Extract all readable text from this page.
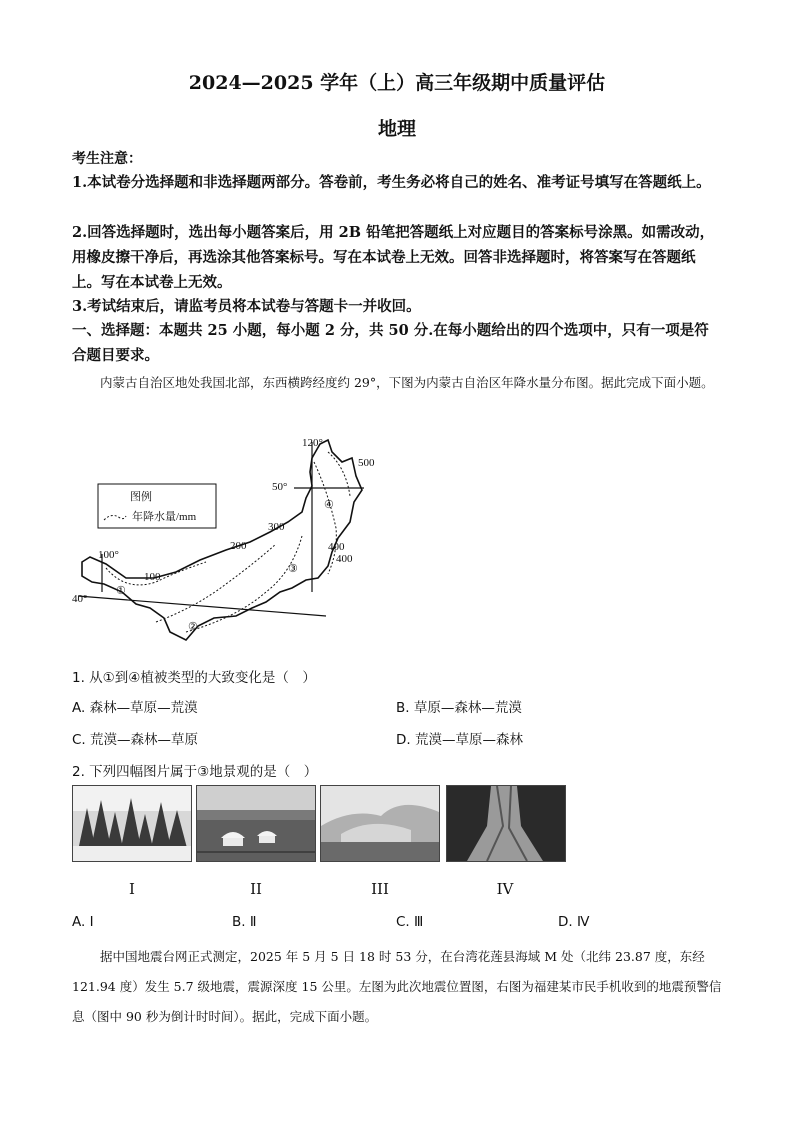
2024—2025 学年（上）高三年级期中质量评估
地理
考生注意：
1.本试卷分选择题和非选择题两部分。答卷前，考生务必将自己的姓名、准考证号填写在答题纸上。
2.回答选择题时，选出每小题答案后，用 2B 铅笔把答题纸上对应题目的答案标号涂黑。如需改动，用橡皮擦干净后，再选涂其他答案标号。写在本试卷上无效。回答非选择题时，将答案写在答题纸上。写在本试卷上无效。
3.考试结束后，请监考员将本试卷与答题卡一并收回。
一、选择题：本题共 25 小题，每小题 2 分，共 50 分.在每小题给出的四个选项中，只有一项是符合题目要求。
内蒙古自治区地处我国北部，东西横跨经度约 29°，下图为内蒙古自治区年降水量分布图。据此完成下面小题。
图例
年降水量/mm
120°
100°
50°
40°
500
400
400
300
200
100
①
②
③
④
1. 从①到④植被类型的大致变化是（　）
A. 森林—草原—荒漠	B. 草原—森林—荒漠
C. 荒漠—森林—草原	D. 荒漠—草原—森林
2. 下列四幅图片属于③地景观的是（　）
I	II	III	IV
A. Ⅰ	B. Ⅱ	C. Ⅲ	D. Ⅳ
据中国地震台网正式测定，2025 年 5 月 5 日 18 时 53 分，在台湾花莲县海域 M 处（北纬 23.87 度，东经 121.94 度）发生 5.7 级地震，震源深度 15 公里。左图为此次地震位置图，右图为福建某市民手机收到的地震预警信息（图中 90 秒为倒计时时间）。据此，完成下面小题。
